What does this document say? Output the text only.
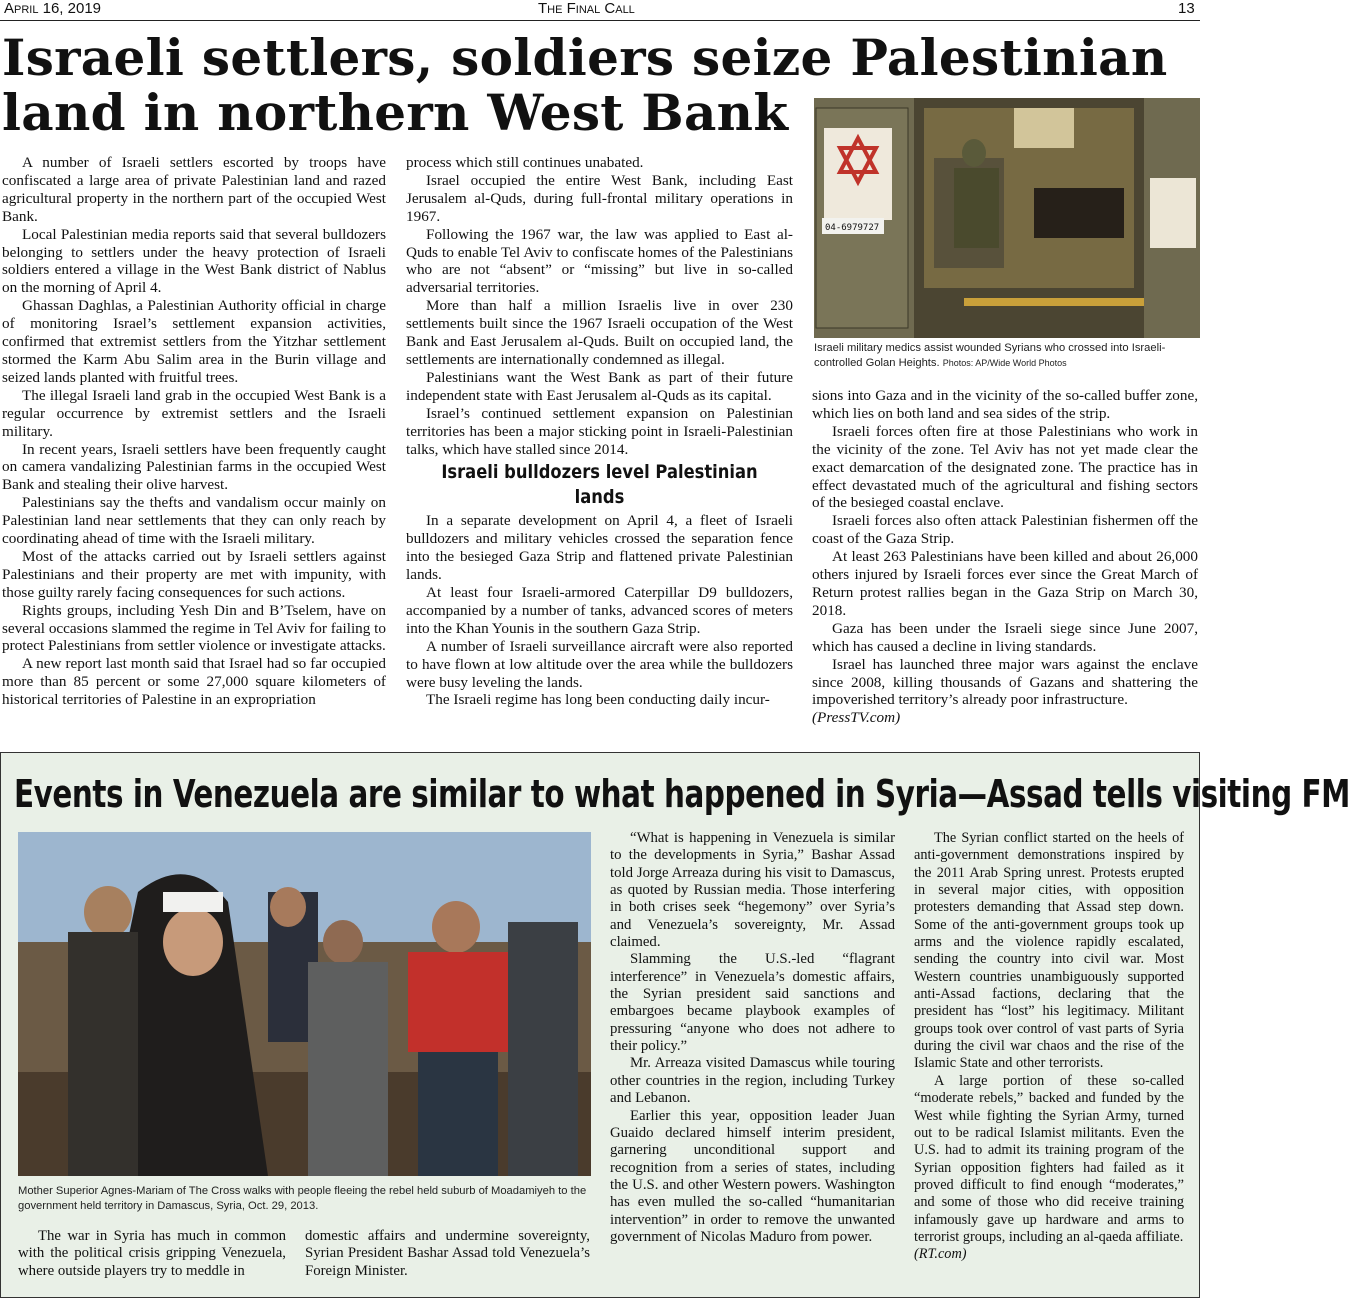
April 16, 2019	The Final Call	13
Israeli settlers, soldiers seize Palestinian land in northern West Bank

A number of Israeli settlers escorted by troops have confiscated a large area of private Palestinian land and razed agricultural property in the northern part of the occupied West Bank.

Local Palestinian media reports said that several bulldozers belonging to settlers under the heavy protection of Israeli soldiers entered a village in the West Bank district of Nablus on the morning of April 4.

Ghassan Daghlas, a Palestinian Authority official in charge of monitoring Israel’s settlement expansion activities, confirmed that extremist settlers from the Yitzhar settlement stormed the Karm Abu Salim area in the Burin village and seized lands planted with fruitful trees.

The illegal Israeli land grab in the occupied West Bank is a regular occurrence by extremist settlers and the Israeli military.

In recent years, Israeli settlers have been frequently caught on camera vandalizing Palestinian farms in the occupied West Bank and stealing their olive harvest.

Palestinians say the thefts and vandalism occur mainly on Palestinian land near settlements that they can only reach by coordinating ahead of time with the Israeli military.

Most of the attacks carried out by Israeli settlers against Palestinians and their property are met with impunity, with those guilty rarely facing consequences for such actions.

Rights groups, including Yesh Din and B’Tselem, have on several occasions slammed the regime in Tel Aviv for failing to protect Palestinians from settler violence or investigate attacks.

A new report last month said that Israel had so far occupied more than 85 percent or some 27,000 square kilometers of historical territories of Palestine in an expropriation

process which still continues unabated.

Israel occupied the entire West Bank, including East Jerusalem al-Quds, during full-frontal military operations in 1967.

Following the 1967 war, the law was applied to East al-Quds to enable Tel Aviv to confiscate homes of the Palestinians who are not “absent” or “missing” but live in so-called adversarial territories.

More than half a million Israelis live in over 230 settlements built since the 1967 Israeli occupation of the West Bank and East Jerusalem al-Quds. Built on occupied land, the settlements are internationally condemned as illegal.

Palestinians want the West Bank as part of their future independent state with East Jerusalem al-Quds as its capital.

Israel’s continued settlement expansion on Palestinian territories has been a major sticking point in Israeli-Palestinian talks, which have stalled since 2014.

Israeli bulldozers level Palestinian lands

In a separate development on April 4, a fleet of Israeli bulldozers and military vehicles crossed the separation fence into the besieged Gaza Strip and flattened private Palestinian lands.

At least four Israeli-armored Caterpillar D9 bulldozers, accompanied by a number of tanks, advanced scores of meters into the Khan Younis in the southern Gaza Strip.

A number of Israeli surveillance aircraft were also reported to have flown at low altitude over the area while the bulldozers were busy leveling the lands.

The Israeli regime has long been conducting daily incur-

04-6979727
Israeli military medics assist wounded Syrians who crossed into Israeli-controlled Golan Heights. Photos: AP/Wide World Photos

sions into Gaza and in the vicinity of the so-called buffer zone, which lies on both land and sea sides of the strip.

Israeli forces often fire at those Palestinians who work in the vicinity of the zone. Tel Aviv has not yet made clear the exact demarcation of the designated zone. The practice has in effect devastated much of the agricultural and fishing sectors of the besieged coastal enclave.

Israeli forces also often attack Palestinian fishermen off the coast of the Gaza Strip.

At least 263 Palestinians have been killed and about 26,000 others injured by Israeli forces ever since the Great March of Return protest rallies began in the Gaza Strip on March 30, 2018.

Gaza has been under the Israeli siege since June 2007, which has caused a decline in living standards.

Israel has launched three major wars against the enclave since 2008, killing thousands of Gazans and shattering the impoverished territory’s already poor infrastructure.

(PressTV.com)

Events in Venezuela are similar to what happened in Syria—Assad tells visiting FM
Mother Superior Agnes-Mariam of The Cross walks with people fleeing the rebel held suburb of Moadamiyeh to the government held territory in Damascus, Syria, Oct. 29, 2013.

The war in Syria has much in common with the political crisis gripping Venezuela, where outside players try to meddle in

domestic affairs and undermine sovereignty, Syrian President Bashar Assad told Venezuela’s Foreign Minister.

“What is happening in Venezuela is similar to the developments in Syria,” Bashar Assad told Jorge Arreaza during his visit to Damascus, as quoted by Russian media. Those interfering in both crises seek “hegemony” over Syria’s and Venezuela’s sovereignty, Mr. Assad claimed.

Slamming the U.S.-led “flagrant interference” in Venezuela’s domestic affairs, the Syrian president said sanctions and embargoes became playbook examples of pressuring “anyone who does not adhere to their policy.”

Mr. Arreaza visited Damascus while touring other countries in the region, including Turkey and Lebanon.

Earlier this year, opposition leader Juan Guaido declared himself interim president, garnering unconditional support and recognition from a series of states, including the U.S. and other Western powers. Washington has even mulled the so-called “humanitarian intervention” in order to remove the unwanted government of Nicolas Maduro from power.

The Syrian conflict started on the heels of anti-government demonstrations inspired by the 2011 Arab Spring unrest. Protests erupted in several major cities, with opposition protesters demanding that Assad step down. Some of the anti-government groups took up arms and the violence rapidly escalated, sending the country into civil war. Most Western countries unambiguously supported anti-Assad factions, declaring that the president has “lost” his legitimacy. Militant groups took over control of vast parts of Syria during the civil war chaos and the rise of the Islamic State and other terrorists.

A large portion of these so-called “moderate rebels,” backed and funded by the West while fighting the Syrian Army, turned out to be radical Islamist militants. Even the U.S. had to admit its training program of the Syrian opposition fighters had failed as it proved difficult to find enough “moderates,” and some of those who did receive training infamously gave up hardware and arms to terrorist groups, including an al-qaeda affiliate.

(RT.com)
